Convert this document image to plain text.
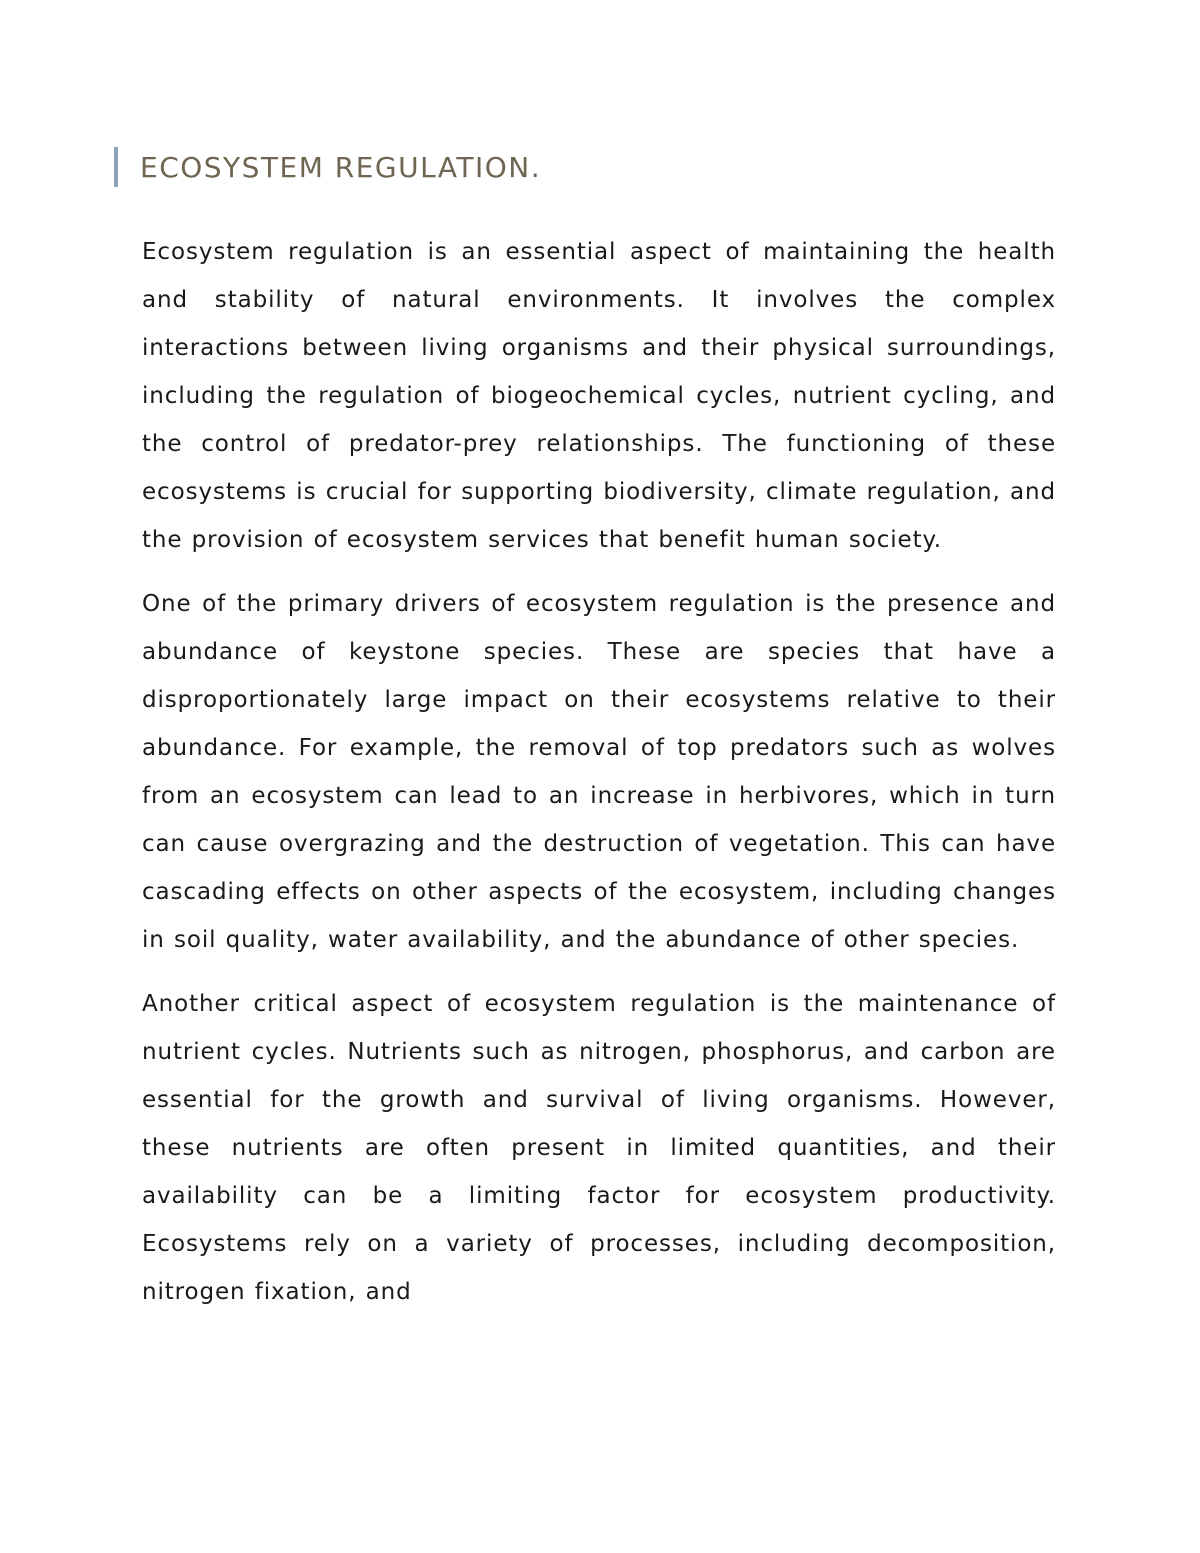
ECOSYSTEM REGULATION.

Ecosystem regulation is an essential aspect of maintaining the health and stability of natural environments. It involves the complex interactions between living organisms and their physical surroundings, including the regulation of biogeochemical cycles, nutrient cycling, and the control of predator-prey relationships. The functioning of these ecosystems is crucial for supporting biodiversity, climate regulation, and the provision of ecosystem services that benefit human society.

One of the primary drivers of ecosystem regulation is the presence and abundance of keystone species. These are species that have a disproportionately large impact on their ecosystems relative to their abundance. For example, the removal of top predators such as wolves from an ecosystem can lead to an increase in herbivores, which in turn can cause overgrazing and the destruction of vegetation. This can have cascading effects on other aspects of the ecosystem, including changes in soil quality, water availability, and the abundance of other species.

Another critical aspect of ecosystem regulation is the maintenance of nutrient cycles. Nutrients such as nitrogen, phosphorus, and carbon are essential for the growth and survival of living organisms. However, these nutrients are often present in limited quantities, and their availability can be a limiting factor for ecosystem productivity. Ecosystems rely on a variety of processes, including decomposition, nitrogen fixation, and
